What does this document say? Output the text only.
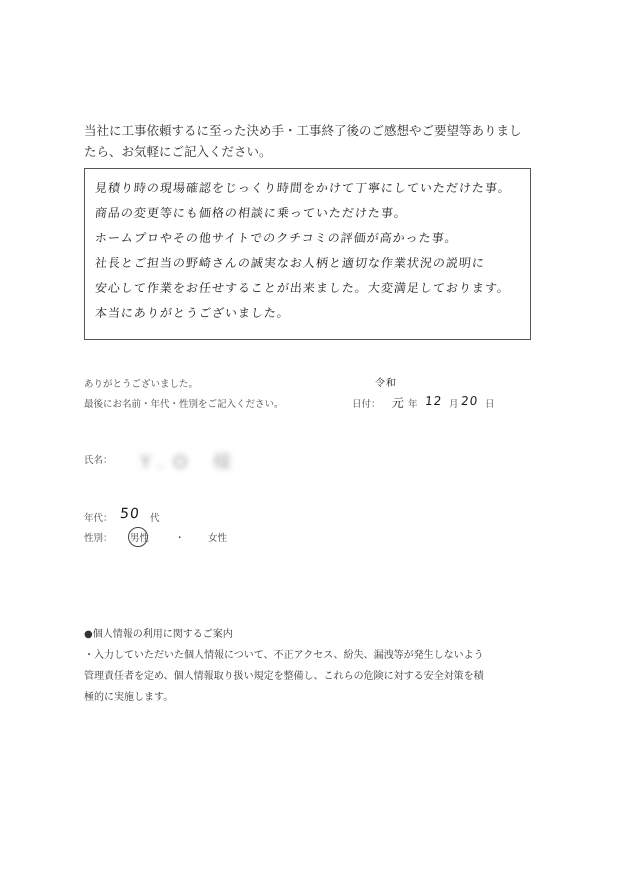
当社に工事依頼するに至った決め手・工事終了後のご感想やご要望等ありまし
たら、お気軽にご記入ください。
見積り時の現場確認をじっくり時間をかけて丁寧にしていただけた事。
商品の変更等にも価格の相談に乗っていただけた事。
ホームプロやその他サイトでのクチコミの評価が高かった事。
社長とご担当の野崎さんの誠実なお人柄と適切な作業状況の説明に
安心して作業をお任せすることが出来ました。大変満足しております。
本当にありがとうございました。
ありがとうございました。
最後にお名前・年代・性別をご記入ください。
令和
日付： 元 年 12 月 20 日
氏名： Y.O 様
年代： 50 代
性別： 男性	・ 女性
●個人情報の利用に関するご案内
・入力していただいた個人情報について、不正アクセス、紛失、漏洩等が発生しないよう
管理責任者を定め、個人情報取り扱い規定を整備し、これらの危険に対する安全対策を積
極的に実施します。
